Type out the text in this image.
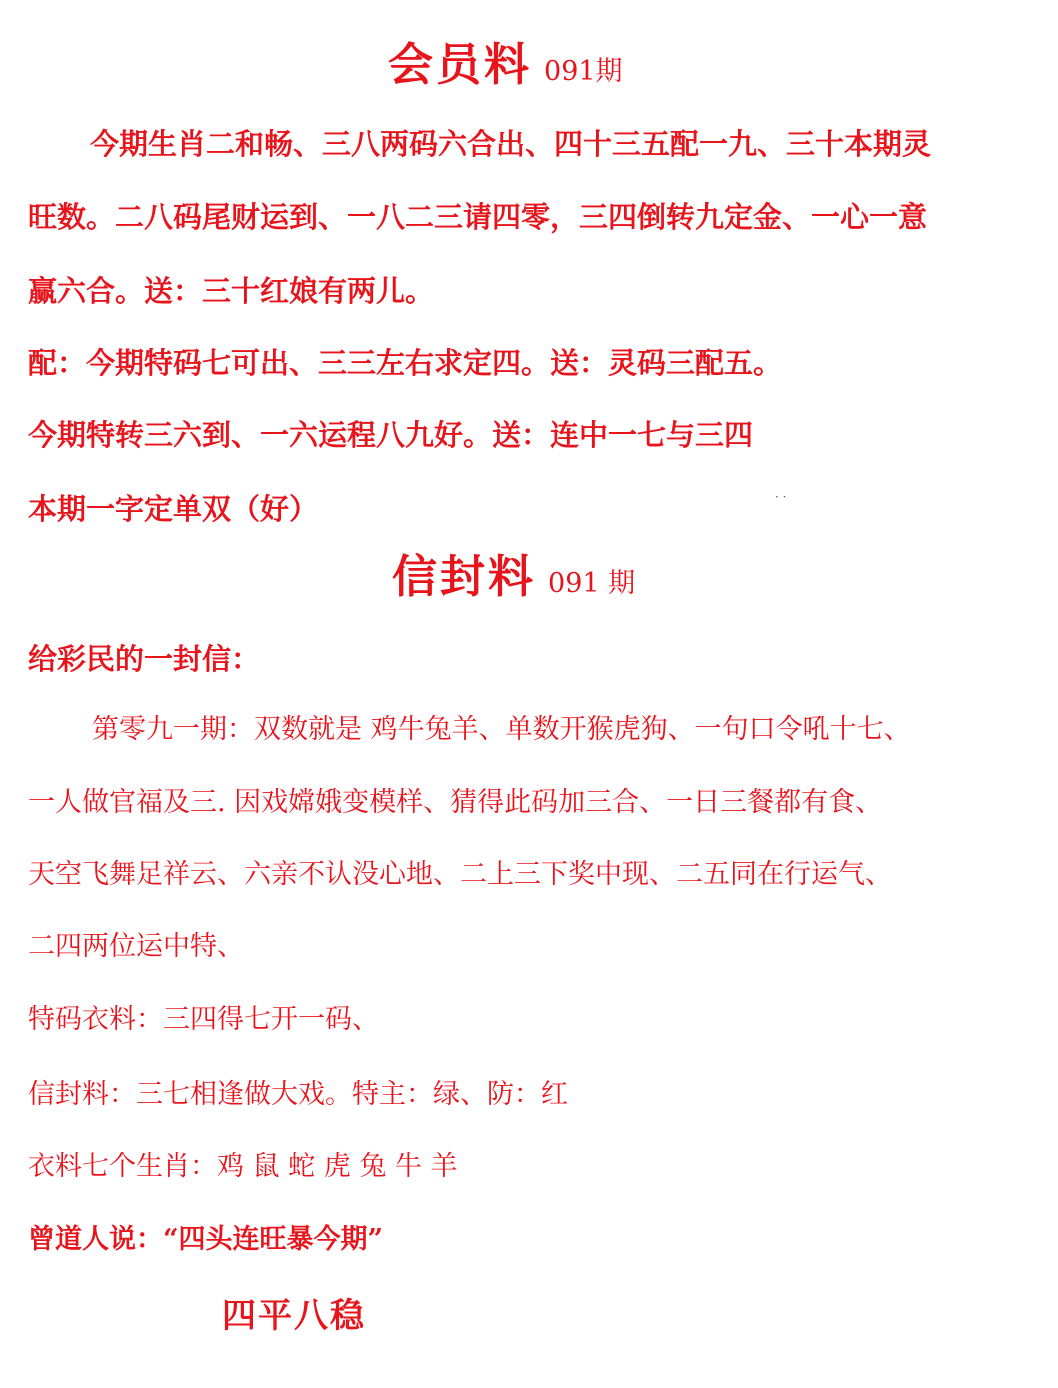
会员料 091期
今期生肖二和畅、三八两码六合出、四十三五配一九、三十本期灵
旺数。二八码尾财运到、一八二三请四零，三四倒转九定金、一心一意
赢六合。送：三十红娘有两儿。
配：今期特码七可出、三三左右求定四。送：灵码三配五。
今期特转三六到、一六运程八九好。送：连中一七与三四
本期一字定单双（好）	· ·
信封料 091 期
给彩民的一封信：
第零九一期：双数就是 鸡牛兔羊、单数开猴虎狗、一句口令吼十七、
一人做官福及三. 因戏嫦娥变模样、猜得此码加三合、一日三餐都有食、
天空飞舞足祥云、六亲不认没心地、二上三下奖中现、二五同在行运气、
二四两位运中特、
特码衣料：三四得七开一码、
信封料：三七相逢做大戏。特主：绿、防：红
衣料七个生肖：鸡 鼠 蛇 虎 兔 牛 羊
曾道人说：“四头连旺暴今期”
四平八稳
